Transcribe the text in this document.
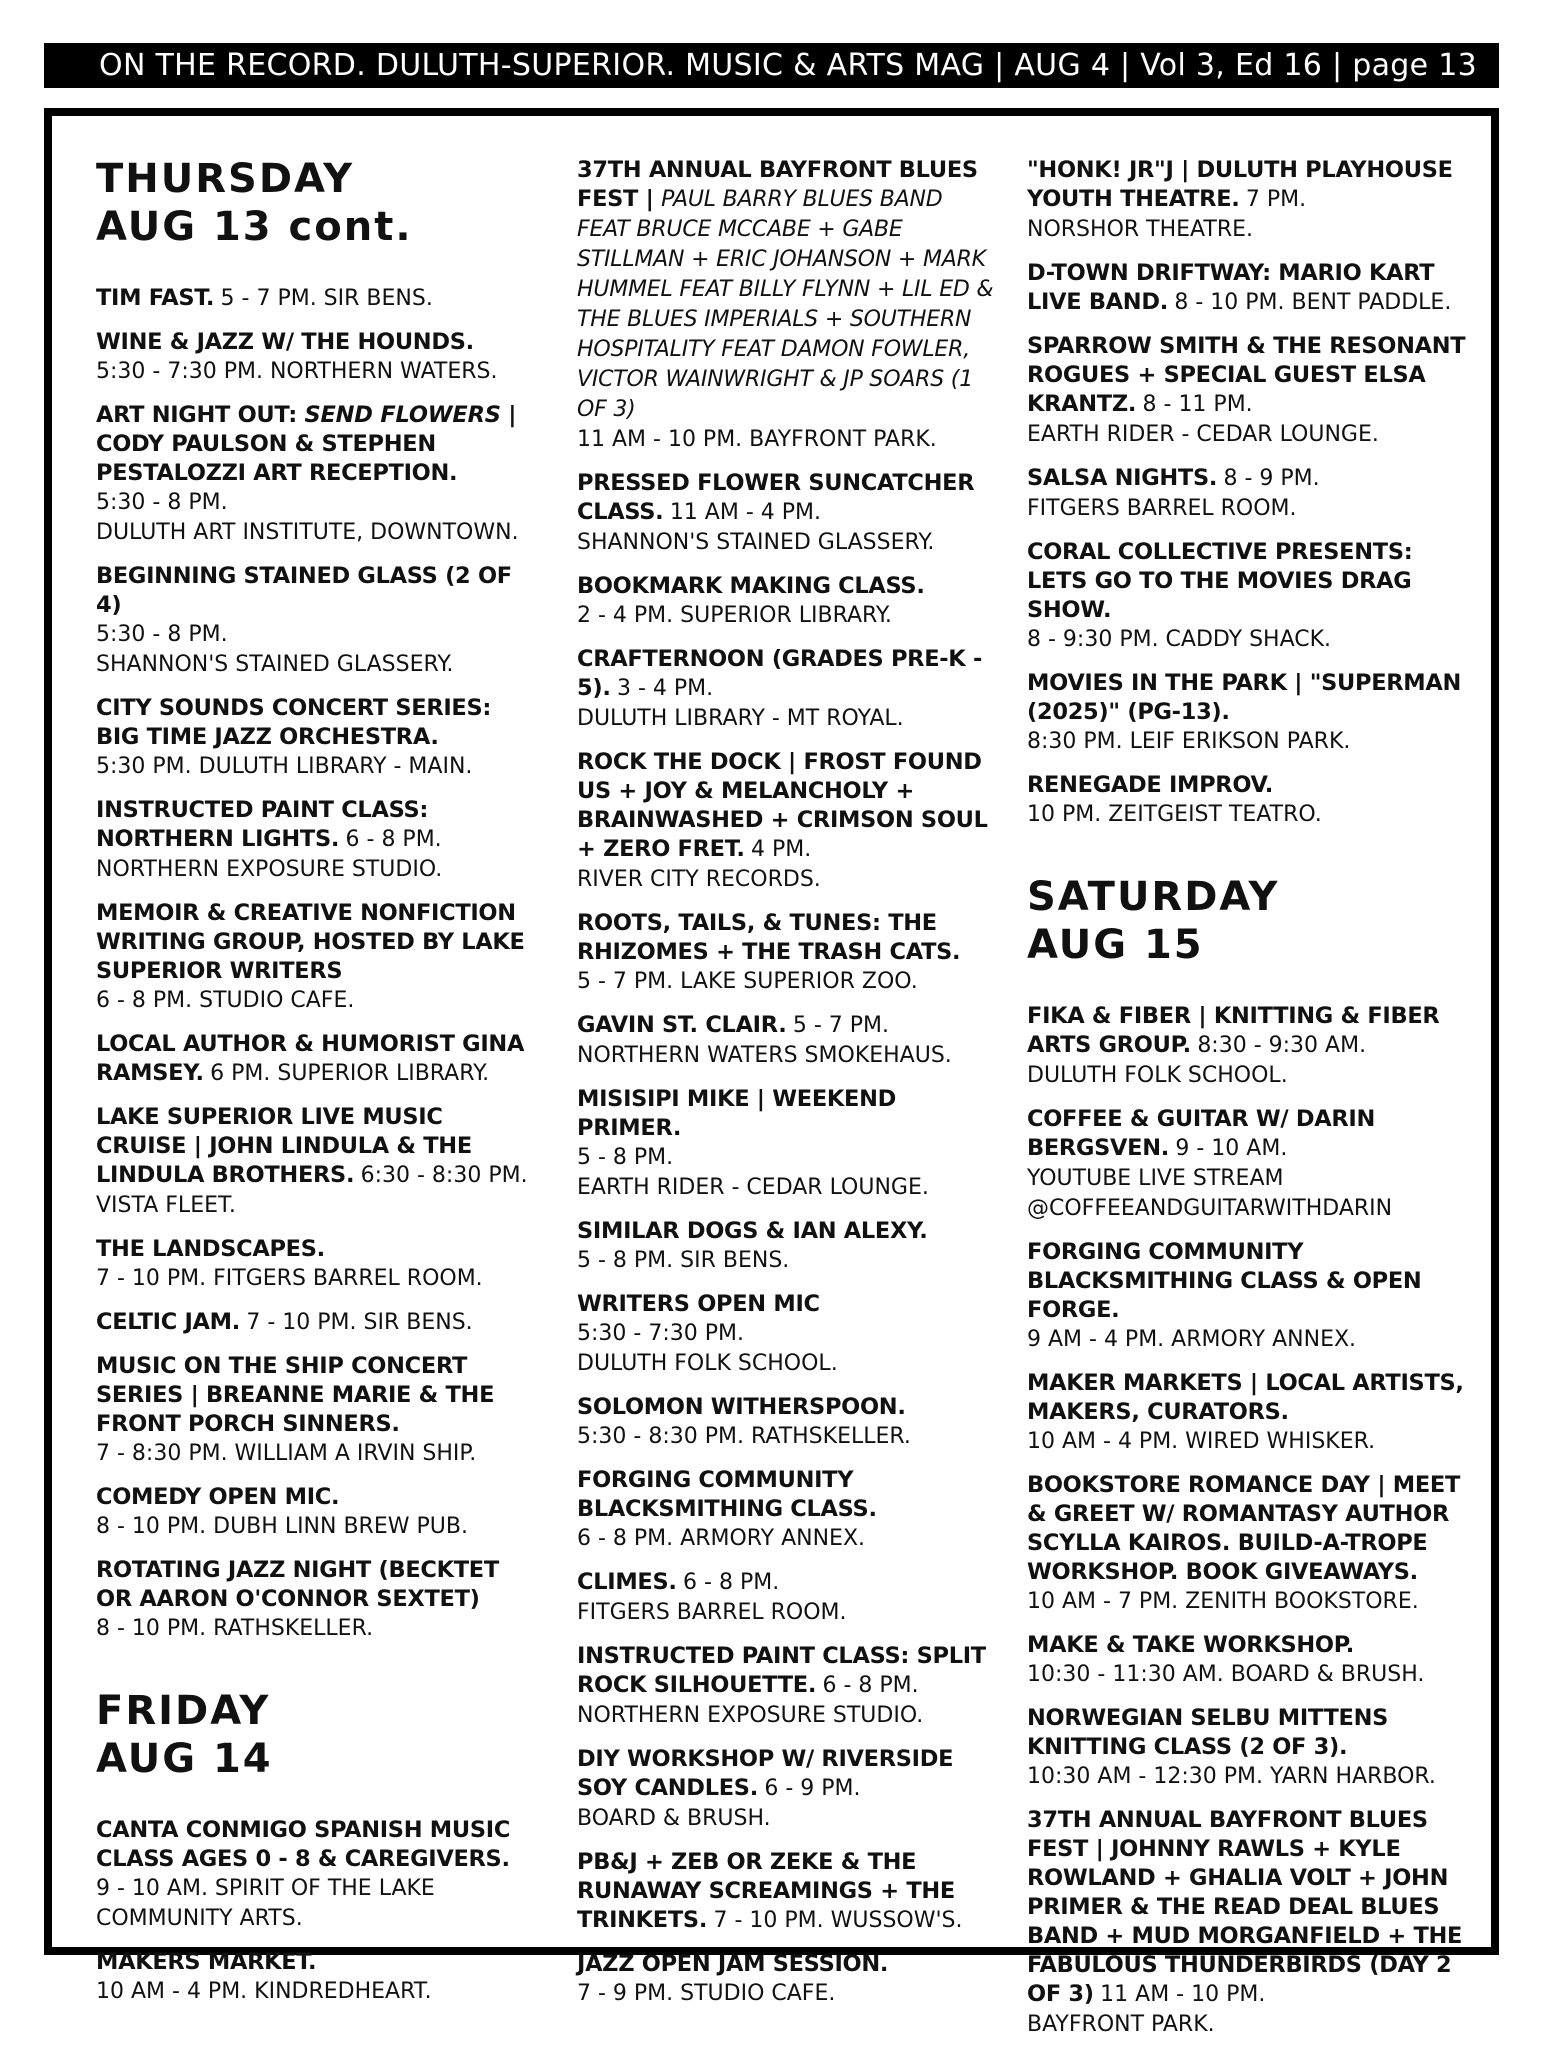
ON THE RECORD. DULUTH-SUPERIOR. MUSIC & ARTS MAG | AUG 4 | Vol 3, Ed 16 | page 13
THURSDAY
AUG 13 cont.
TIM FAST. 5 - 7 PM. SIR BENS.
WINE & JAZZ W/ THE HOUNDS.
5:30 - 7:30 PM. NORTHERN WATERS.
ART NIGHT OUT: SEND FLOWERS | CODY PAULSON & STEPHEN PESTALOZZI ART RECEPTION.
5:30 - 8 PM.
DULUTH ART INSTITUTE, DOWNTOWN.
BEGINNING STAINED GLASS (2 OF 4)
5:30 - 8 PM.
SHANNON'S STAINED GLASSERY.
CITY SOUNDS CONCERT SERIES: BIG TIME JAZZ ORCHESTRA.
5:30 PM. DULUTH LIBRARY - MAIN.
INSTRUCTED PAINT CLASS: NORTHERN LIGHTS. 6 - 8 PM.
NORTHERN EXPOSURE STUDIO.
MEMOIR & CREATIVE NONFICTION WRITING GROUP, HOSTED BY LAKE SUPERIOR WRITERS
6 - 8 PM. STUDIO CAFE.
LOCAL AUTHOR & HUMORIST GINA RAMSEY. 6 PM. SUPERIOR LIBRARY.
LAKE SUPERIOR LIVE MUSIC CRUISE | JOHN LINDULA & THE LINDULA BROTHERS. 6:30 - 8:30 PM.
VISTA FLEET.
THE LANDSCAPES.
7 - 10 PM. FITGERS BARREL ROOM.
CELTIC JAM. 7 - 10 PM. SIR BENS.
MUSIC ON THE SHIP CONCERT SERIES | BREANNE MARIE & THE FRONT PORCH SINNERS.
7 - 8:30 PM. WILLIAM A IRVIN SHIP.
COMEDY OPEN MIC.
8 - 10 PM. DUBH LINN BREW PUB.
ROTATING JAZZ NIGHT (BECKTET OR AARON O'CONNOR SEXTET)
8 - 10 PM. RATHSKELLER.
FRIDAY
AUG 14
CANTA CONMIGO SPANISH MUSIC CLASS AGES 0 - 8 & CAREGIVERS.
9 - 10 AM. SPIRIT OF THE LAKE
COMMUNITY ARTS.
MAKERS MARKET.
10 AM - 4 PM. KINDREDHEART.
37TH ANNUAL BAYFRONT BLUES FEST | PAUL BARRY BLUES BAND FEAT BRUCE MCCABE + GABE STILLMAN + ERIC JOHANSON + MARK HUMMEL FEAT BILLY FLYNN + LIL ED & THE BLUES IMPERIALS + SOUTHERN HOSPITALITY FEAT DAMON FOWLER, VICTOR WAINWRIGHT & JP SOARS (1 OF 3)
11 AM - 10 PM. BAYFRONT PARK.
PRESSED FLOWER SUNCATCHER CLASS. 11 AM - 4 PM.
SHANNON'S STAINED GLASSERY.
BOOKMARK MAKING CLASS.
2 - 4 PM. SUPERIOR LIBRARY.
CRAFTERNOON (GRADES PRE-K - 5). 3 - 4 PM.
DULUTH LIBRARY - MT ROYAL.
ROCK THE DOCK | FROST FOUND US + JOY & MELANCHOLY + BRAINWASHED + CRIMSON SOUL + ZERO FRET. 4 PM.
RIVER CITY RECORDS.
ROOTS, TAILS, & TUNES: THE RHIZOMES + THE TRASH CATS.
5 - 7 PM. LAKE SUPERIOR ZOO.
GAVIN ST. CLAIR. 5 - 7 PM.
NORTHERN WATERS SMOKEHAUS.
MISISIPI MIKE | WEEKEND PRIMER.
5 - 8 PM.
EARTH RIDER - CEDAR LOUNGE.
SIMILAR DOGS & IAN ALEXY.
5 - 8 PM. SIR BENS.
WRITERS OPEN MIC
5:30 - 7:30 PM.
DULUTH FOLK SCHOOL.
SOLOMON WITHERSPOON.
5:30 - 8:30 PM. RATHSKELLER.
FORGING COMMUNITY BLACKSMITHING CLASS.
6 - 8 PM. ARMORY ANNEX.
CLIMES. 6 - 8 PM.
FITGERS BARREL ROOM.
INSTRUCTED PAINT CLASS: SPLIT ROCK SILHOUETTE. 6 - 8 PM.
NORTHERN EXPOSURE STUDIO.
DIY WORKSHOP W/ RIVERSIDE SOY CANDLES. 6 - 9 PM.
BOARD & BRUSH.
PB&J + ZEB OR ZEKE & THE RUNAWAY SCREAMINGS + THE TRINKETS. 7 - 10 PM. WUSSOW'S.
JAZZ OPEN JAM SESSION.
7 - 9 PM. STUDIO CAFE.
"HONK! JR"J | DULUTH PLAYHOUSE YOUTH THEATRE. 7 PM.
NORSHOR THEATRE.
D-TOWN DRIFTWAY: MARIO KART LIVE BAND. 8 - 10 PM. BENT PADDLE.
SPARROW SMITH & THE RESONANT ROGUES + SPECIAL GUEST ELSA KRANTZ. 8 - 11 PM.
EARTH RIDER - CEDAR LOUNGE.
SALSA NIGHTS. 8 - 9 PM.
FITGERS BARREL ROOM.
CORAL COLLECTIVE PRESENTS: LETS GO TO THE MOVIES DRAG SHOW.
8 - 9:30 PM. CADDY SHACK.
MOVIES IN THE PARK | "SUPERMAN (2025)" (PG-13).
8:30 PM. LEIF ERIKSON PARK.
RENEGADE IMPROV.
10 PM. ZEITGEIST TEATRO.
SATURDAY
AUG 15
FIKA & FIBER | KNITTING & FIBER ARTS GROUP. 8:30 - 9:30 AM.
DULUTH FOLK SCHOOL.
COFFEE & GUITAR W/ DARIN BERGSVEN. 9 - 10 AM.
YOUTUBE LIVE STREAM
@COFFEEANDGUITARWITHDARIN
FORGING COMMUNITY BLACKSMITHING CLASS & OPEN FORGE.
9 AM - 4 PM. ARMORY ANNEX.
MAKER MARKETS | LOCAL ARTISTS, MAKERS, CURATORS.
10 AM - 4 PM. WIRED WHISKER.
BOOKSTORE ROMANCE DAY | MEET & GREET W/ ROMANTASY AUTHOR SCYLLA KAIROS. BUILD-A-TROPE WORKSHOP. BOOK GIVEAWAYS.
10 AM - 7 PM. ZENITH BOOKSTORE.
MAKE & TAKE WORKSHOP.
10:30 - 11:30 AM. BOARD & BRUSH.
NORWEGIAN SELBU MITTENS KNITTING CLASS (2 OF 3).
10:30 AM - 12:30 PM. YARN HARBOR.
37TH ANNUAL BAYFRONT BLUES FEST | JOHNNY RAWLS + KYLE ROWLAND + GHALIA VOLT + JOHN PRIMER & THE READ DEAL BLUES BAND + MUD MORGANFIELD + THE FABULOUS THUNDERBIRDS (DAY 2 OF 3) 11 AM - 10 PM.
BAYFRONT PARK.
